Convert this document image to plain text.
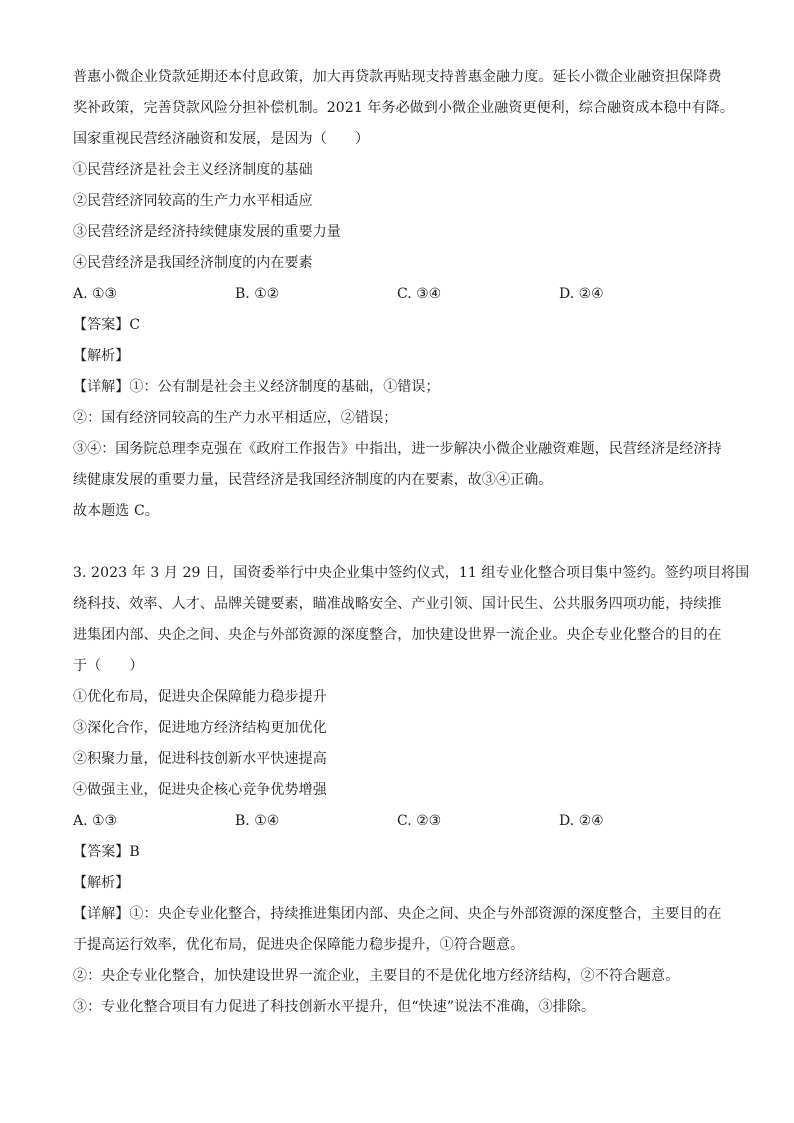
普惠小微企业贷款延期还本付息政策，加大再贷款再贴现支持普惠金融力度。延长小微企业融资担保降费
奖补政策，完善贷款风险分担补偿机制。2021 年务必做到小微企业融资更便利，综合融资成本稳中有降。
国家重视民营经济融资和发展，是因为（　　）
①民营经济是社会主义经济制度的基础
②民营经济同较高的生产力水平相适应
③民营经济是经济持续健康发展的重要力量
④民营经济是我国经济制度的内在要素
A. ①③	B. ①②	C. ③④	D. ②④
【答案】C
【解析】
【详解】①：公有制是社会主义经济制度的基础，①错误；
②：国有经济同较高的生产力水平相适应，②错误；
③④：国务院总理李克强在《政府工作报告》中指出，进一步解决小微企业融资难题，民营经济是经济持
续健康发展的重要力量，民营经济是我国经济制度的内在要素，故③④正确。
故本题选 C。
3. 2023 年 3 月 29 日，国资委举行中央企业集中签约仪式，11 组专业化整合项目集中签约。签约项目将围
绕科技、效率、人才、品牌关键要素，瞄准战略安全、产业引领、国计民生、公共服务四项功能，持续推
进集团内部、央企之间、央企与外部资源的深度整合，加快建设世界一流企业。央企专业化整合的目的在
于（　　）
①优化布局，促进央企保障能力稳步提升
③深化合作，促进地方经济结构更加优化
②积聚力量，促进科技创新水平快速提高
④做强主业，促进央企核心竞争优势增强
A. ①③	B. ①④	C. ②③	D. ②④
【答案】B
【解析】
【详解】①：央企专业化整合，持续推进集团内部、央企之间、央企与外部资源的深度整合，主要目的在
于提高运行效率，优化布局，促进央企保障能力稳步提升，①符合题意。
②：央企专业化整合，加快建设世界一流企业，主要目的不是优化地方经济结构，②不符合题意。
③：专业化整合项目有力促进了科技创新水平提升，但“快速”说法不准确，③排除。
